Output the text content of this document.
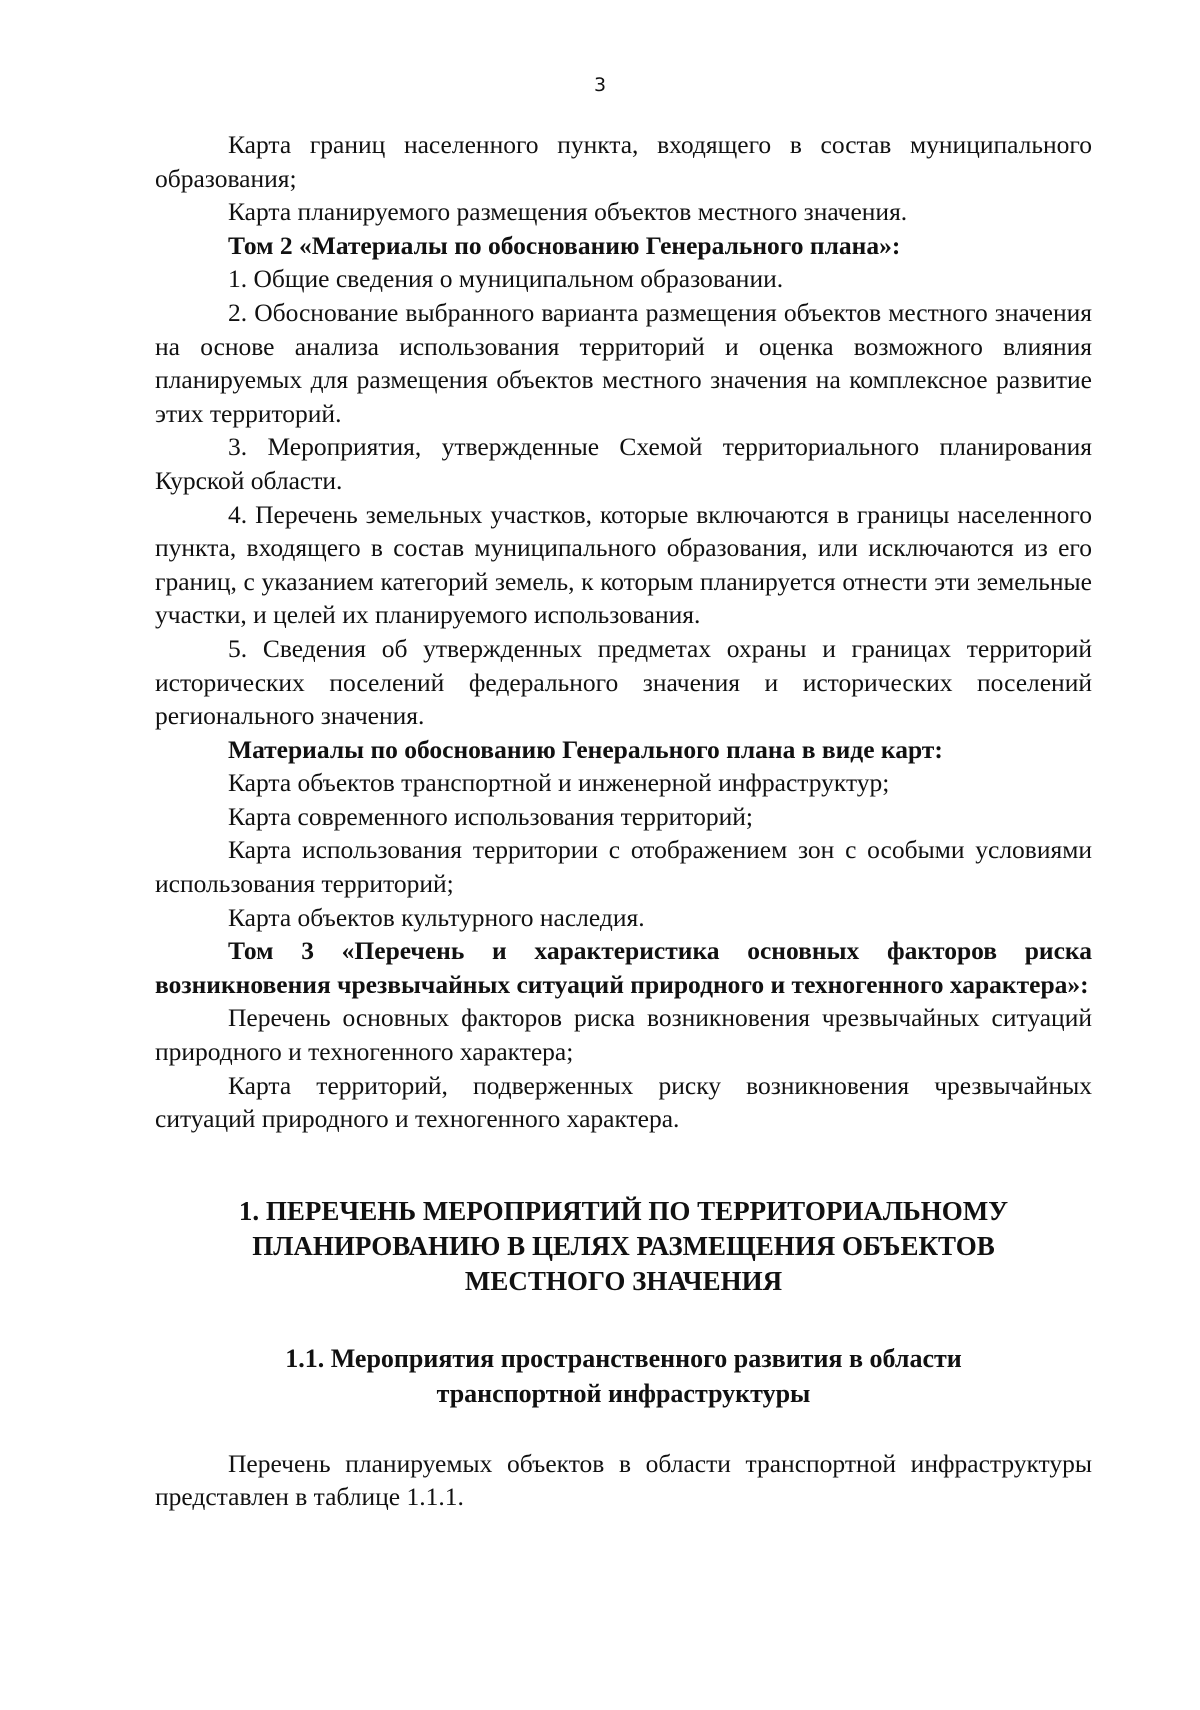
3

Карта границ населенного пункта, входящего в состав муниципального образования;

Карта планируемого размещения объектов местного значения.

Том 2 «Материалы по обоснованию Генерального плана»:

1. Общие сведения о муниципальном образовании.

2. Обоснование выбранного варианта размещения объектов местного значения на основе анализа использования территорий и оценка возможного влияния планируемых для размещения объектов местного значения на комплексное развитие этих территорий.

3. Мероприятия, утвержденные Схемой территориального планирования Курской области.

4. Перечень земельных участков, которые включаются в границы населенного пункта, входящего в состав муниципального образования, или исключаются из его границ, с указанием категорий земель, к которым планируется отнести эти земельные участки, и целей их планируемого использования.

5. Сведения об утвержденных предметах охраны и границах территорий исторических поселений федерального значения и исторических поселений регионального значения.

Материалы по обоснованию Генерального плана в виде карт:

Карта объектов транспортной и инженерной инфраструктур;

Карта современного использования территорий;

Карта использования территории с отображением зон с особыми условиями использования территорий;

Карта объектов культурного наследия.

Том 3 «Перечень и характеристика основных факторов риска возникновения чрезвычайных ситуаций природного и техногенного характера»:

Перечень основных факторов риска возникновения чрезвычайных ситуаций природного и техногенного характера;

Карта территорий, подверженных риску возникновения чрезвычайных ситуаций природного и техногенного характера.

1. ПЕРЕЧЕНЬ МЕРОПРИЯТИЙ ПО ТЕРРИТОРИАЛЬНОМУ
ПЛАНИРОВАНИЮ В ЦЕЛЯХ РАЗМЕЩЕНИЯ ОБЪЕКТОВ
МЕСТНОГО ЗНАЧЕНИЯ
1.1. Мероприятия пространственного развития в области
транспортной инфраструктуры

Перечень планируемых объектов в области транспортной инфраструктуры представлен в таблице 1.1.1.
